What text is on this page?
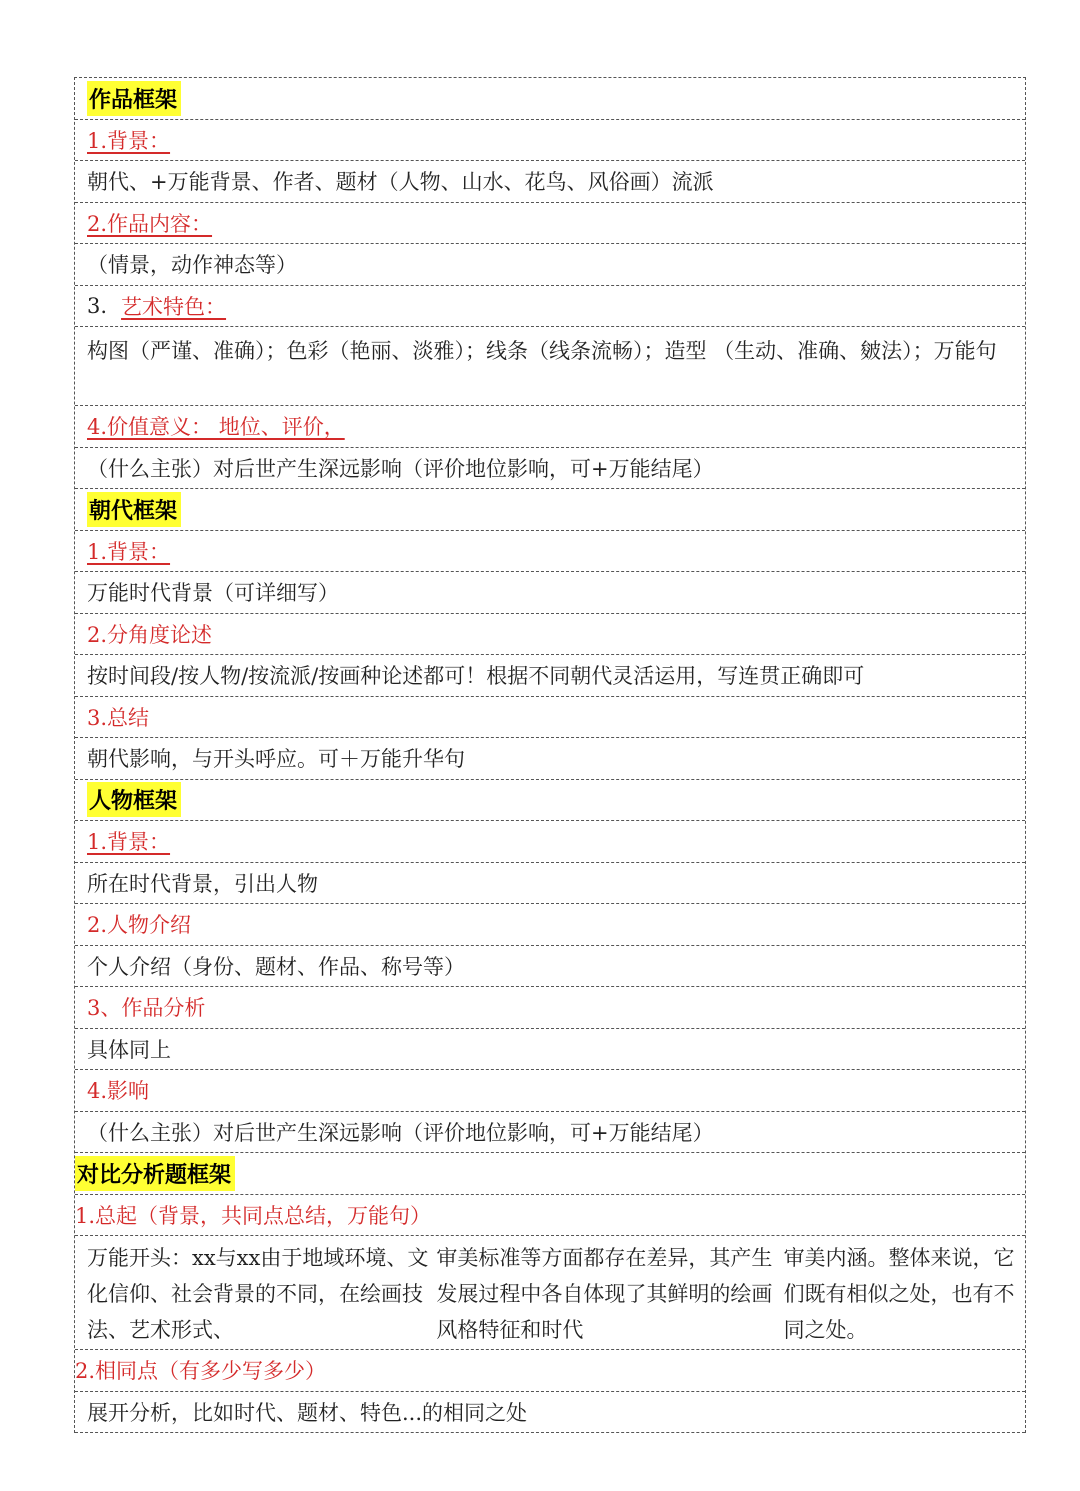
作品框架
1.背景：
朝代、+万能背景、作者、题材（人物、山水、花鸟、风俗画）流派
2.作品内容：
（情景，动作神态等）
3. 艺术特色：
构图（严谨、准确）；色彩（艳丽、淡雅）；线条（线条流畅）；造型 （生动、准确、 皴法）；万能句
4.价值意义： 地位、评价，
（什么主张）对后世产生深远影响（评价地位影响，可+万能结尾）
朝代框架
1.背景：
万能时代背景（可详细写）
2.分角度论述
按时间段/按人物/按流派/按画种论述都可！根据不同朝代灵活运用，写连贯正确即可
3.总结
朝代影响，与开头呼应。可＋万能升华句
人物框架
1.背景：
所在时代背景，引出人物
2.人物介绍
个人介绍（身份、题材、作品、称号等）
3、作品分析
具体同上
4.影响
（什么主张）对后世产生深远影响（评价地位影响，可+万能结尾）
对比分析题框架
1.总起（背景，共同点总结，万能句）
万能开头：xx与xx由于地域环境、文化信仰、社会背景的不同，在绘画技法、艺术形式、
审美标准等方面都存在差异，其产生发展过程中各自体现了其鲜明的绘画风格特征和时代
审美内涵。整体来说，它们既有相似之处，也有不同之处。
2.相同点（有多少写多少）
展开分析，比如时代、题材、特色...的相同之处
